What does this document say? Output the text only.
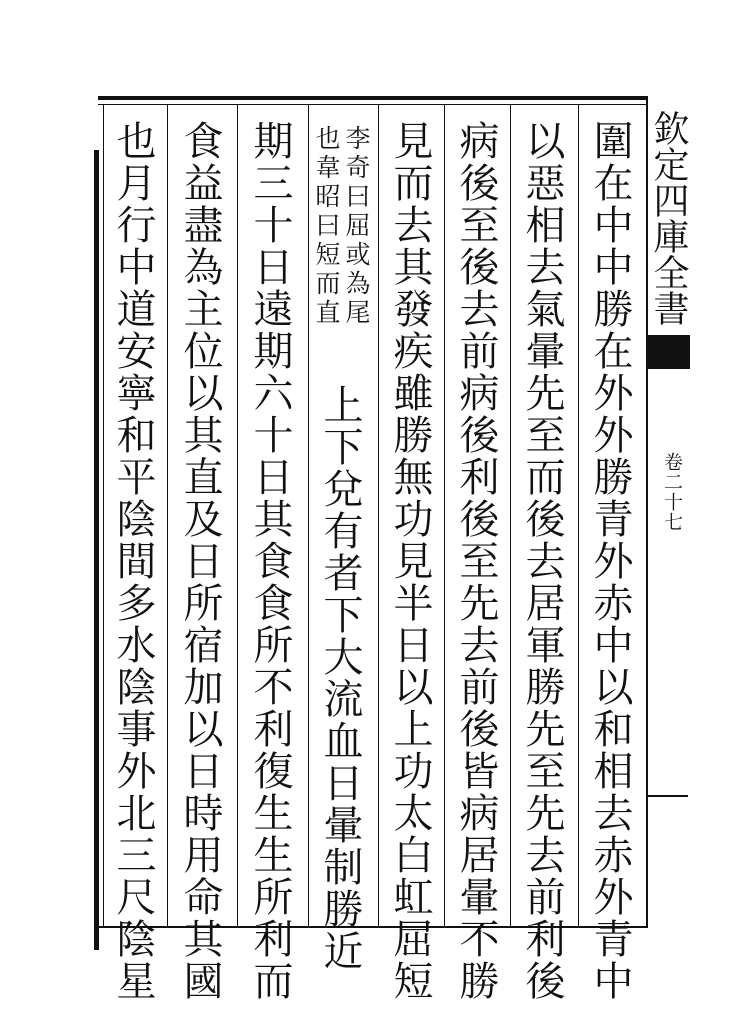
欽定四庫全書
卷二十七
圍在中中勝在外外勝青外赤中以和相去赤外青中
以惡相去氣暈先至而後去居軍勝先至先去前利後
病後至後去前病後利後至先去前後皆病居暈不勝
見而去其發疾雖勝無功見半日以上功太白虹屈短
李奇曰屈或為尾
也韋昭曰短而直
上下兌有者下大流血日暈制勝近
期三十日遠期六十日其食食所不利復生生所利而
食益盡為主位以其直及日所宿加以日時用命其國
也月行中道安寧和平陰間多水陰事外北三尺陰星
